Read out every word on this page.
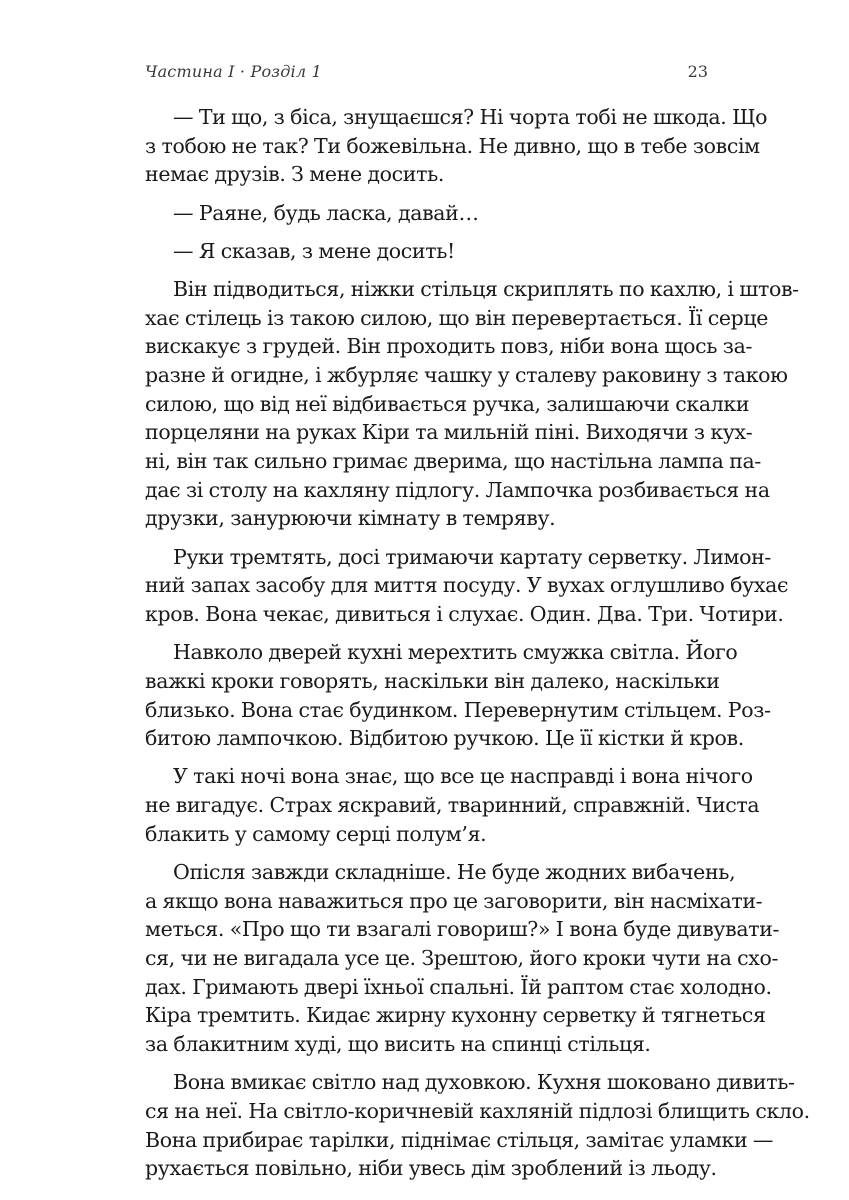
Частина I · Розділ 1	23
— Ти що, з біса, знущаєшся? Ні чорта тобі не шкода. Що
з тобою не так? Ти божевільна. Не дивно, що в тебе зовсім
немає друзів. З мене досить.
— Раяне, будь ласка, давай…
— Я сказав, з мене досить!
Він підводиться, ніжки стільця скриплять по кахлю, і штов-
хає стілець із такою силою, що він перевертається. Її серце
вискакує з грудей. Він проходить повз, ніби вона щось за-
разне й огидне, і жбурляє чашку у сталеву раковину з такою
силою, що від неї відбивається ручка, залишаючи скалки
порцеляни на руках Кіри та мильній піні. Виходячи з кух-
ні, він так сильно гримає дверима, що настільна лампа па-
дає зі столу на кахляну підлогу. Лампочка розбивається на
друзки, занурюючи кімнату в темряву.
Руки тремтять, досі тримаючи картату серветку. Лимон-
ний запах засобу для миття посуду. У вухах оглушливо бухає
кров. Вона чекає, дивиться і слухає. Один. Два. Три. Чотири.
Навколо дверей кухні мерехтить смужка світла. Його
важкі кроки говорять, наскільки він далеко, наскільки
близько. Вона стає будинком. Перевернутим стільцем. Роз-
битою лампочкою. Відбитою ручкою. Це її кістки й кров.
У такі ночі вона знає, що все це насправді і вона нічого
не вигадує. Страх яскравий, тваринний, справжній. Чиста
блакить у самому серці полум’я.
Опісля завжди складніше. Не буде жодних вибачень,
а якщо вона наважиться про це заговорити, він насміхати-
меться. «Про що ти взагалі говориш?» І вона буде дивувати-
ся, чи не вигадала усе це. Зрештою, його кроки чути на схо-
дах. Гримають двері їхньої спальні. Їй раптом стає холодно.
Кіра тремтить. Кидає жирну кухонну серветку й тягнеться
за блакитним худі, що висить на спинці стільця.
Вона вмикає світло над духовкою. Кухня шоковано дивить-
ся на неї. На світло-коричневій кахляній підлозі блищить скло.
Вона прибирає тарілки, піднімає стільця, замітає уламки —
рухається повільно, ніби увесь дім зроблений із льоду.
